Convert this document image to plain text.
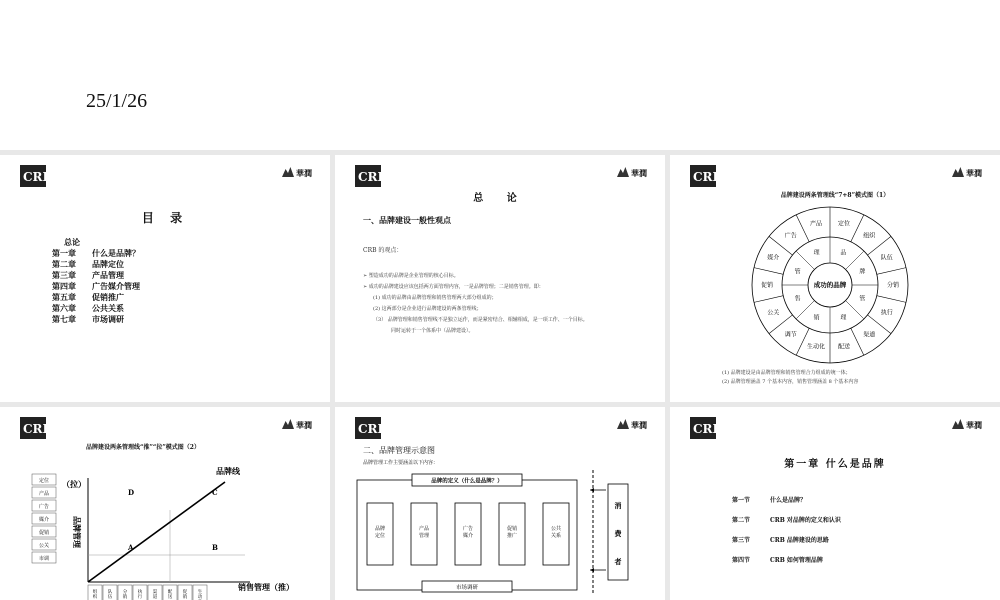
25/1/26
CRB	華潤
目 录
总论
第一章 什么是品牌？
第二章 品牌定位
第三章 产品管理
第四章 广告媒介管理
第五章 促销推广
第六章 公共关系
第七章 市场调研
CRB	華潤
总 论
一、品牌建设一般性观点
CRB 的观点：
➢ 塑造成功的品牌是企业管理的核心目标。
➢ 成功的品牌建设应该包括两方面管理内容，一是品牌管理；二是销售管理。即：
(1) 成功的品牌由品牌管理和销售管理两大部分组成的；
(2) 这两部分是企业进行品牌建设的两条管理线；
（3） 品牌管理和销售管理线不是独立运作，而是紧密结合、相辅相成，是一项工作、一个目标。
同时运转于一个体系中（品牌建设）。
CRB	華潤
品牌建设两条管理线“7+8”模式图（1）
定位
组织
队伍
分销
执行
渠道
配送
生动化
调节
公关
促销
媒介
广告
产品
品
牌
管
理
销
售
管
理
成功的品牌
(1) 品牌建设是由品牌管理和销售管理合力组成的统一体；
(2) 品牌管理涵盖 7 个基本内容，销售管理涵盖 8 个基本内容
CRB	華潤
品牌建设两条管理线“推”“拉”模式图（2）
定位
产品
广告
媒介
促销
公关
市调
（拉）
品牌线
D	C
A	B
品牌管理
销售管理（推）
组织
队伍
分销
执行
渠道
配送
促销
生动
CRB	華潤
二、品牌管理示意图
品牌管理工作主要涵盖以下内容：
品牌的定义（什么是品牌？）
品牌
定位
产品
管理
广告
媒介
促销
推广
公共
关系
市场调研
消
费
者
CRB	華潤
第一章 什么是品牌
第一节	什么是品牌？
第二节	CRB 对品牌的定义和认识
第三节	CRB 品牌建设的思路
第四节	CRB 如何管理品牌
